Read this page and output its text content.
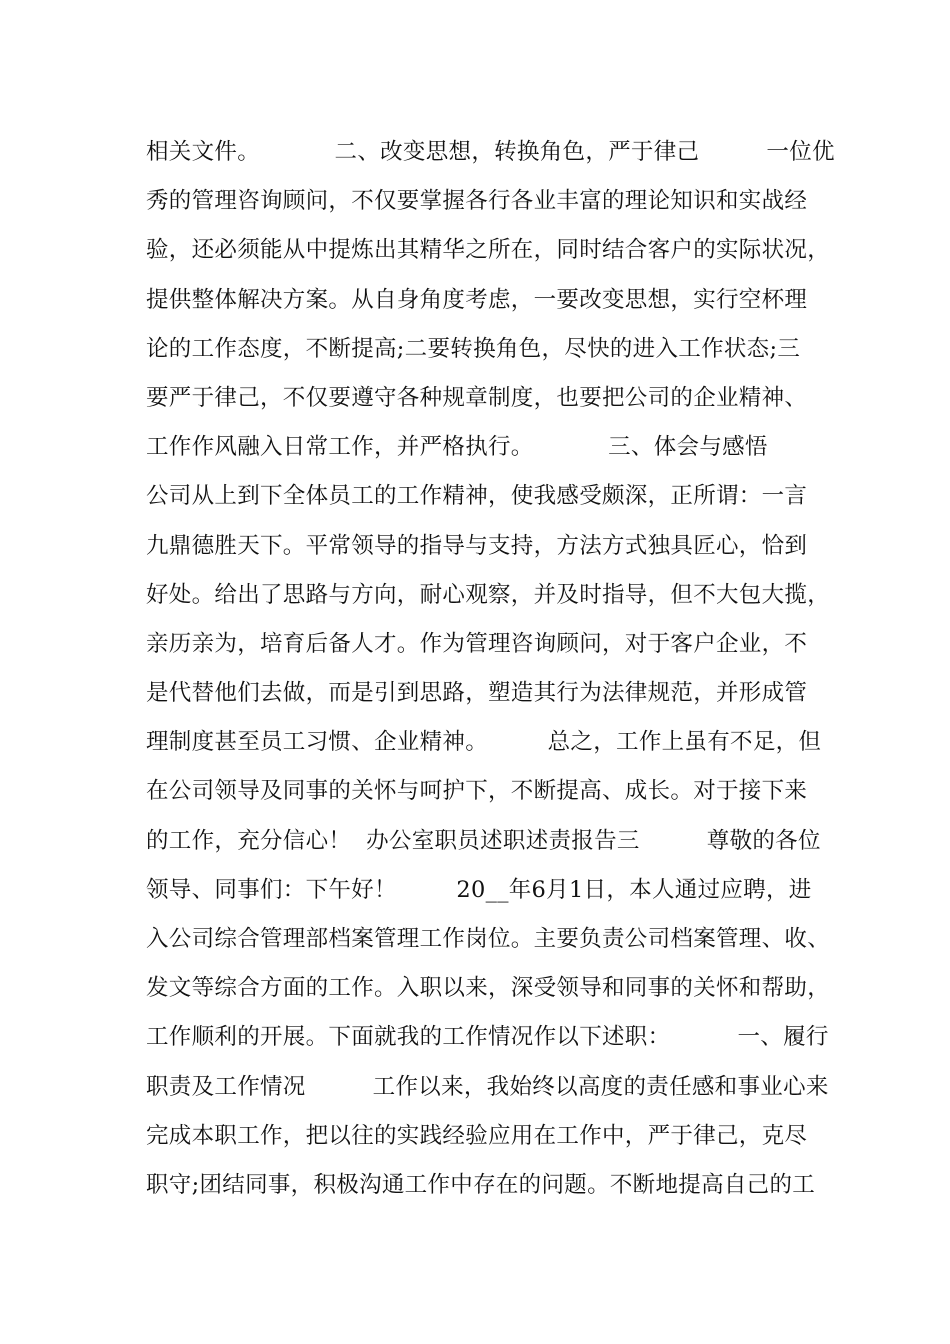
相关文件。          二、改变思想，转换角色，严于律己         一位优
秀的管理咨询顾问，不仅要掌握各行各业丰富的理论知识和实战经
验，还必须能从中提炼出其精华之所在，同时结合客户的实际状况，
提供整体解决方案。从自身角度考虑，一要改变思想，实行空杯理
论的工作态度，不断提高;二要转换角色，尽快的进入工作状态;三
要严于律己，不仅要遵守各种规章制度，也要把公司的企业精神、
工作作风融入日常工作，并严格执行。          三、体会与感悟
公司从上到下全体员工的工作精神，使我感受颇深，正所谓：一言
九鼎德胜天下。平常领导的指导与支持，方法方式独具匠心，恰到
好处。给出了思路与方向，耐心观察，并及时指导，但不大包大揽，
亲历亲为，培育后备人才。作为管理咨询顾问，对于客户企业，不
是代替他们去做，而是引到思路，塑造其行为法律规范，并形成管
理制度甚至员工习惯、企业精神。        总之，工作上虽有不足，但
在公司领导及同事的关怀与呵护下，不断提高、成长。对于接下来
的工作，充分信心！  办公室职员述职述责报告三         尊敬的各位
领导、同事们：下午好！        20__年6月1日，本人通过应聘，进
入公司综合管理部档案管理工作岗位。主要负责公司档案管理、收、
发文等综合方面的工作。入职以来，深受领导和同事的关怀和帮助，
工作顺利的开展。下面就我的工作情况作以下述职：         一、履行
职责及工作情况         工作以来，我始终以高度的责任感和事业心来
完成本职工作，把以往的实践经验应用在工作中，严于律己，克尽
职守;团结同事，积极沟通工作中存在的问题。不断地提高自己的工
